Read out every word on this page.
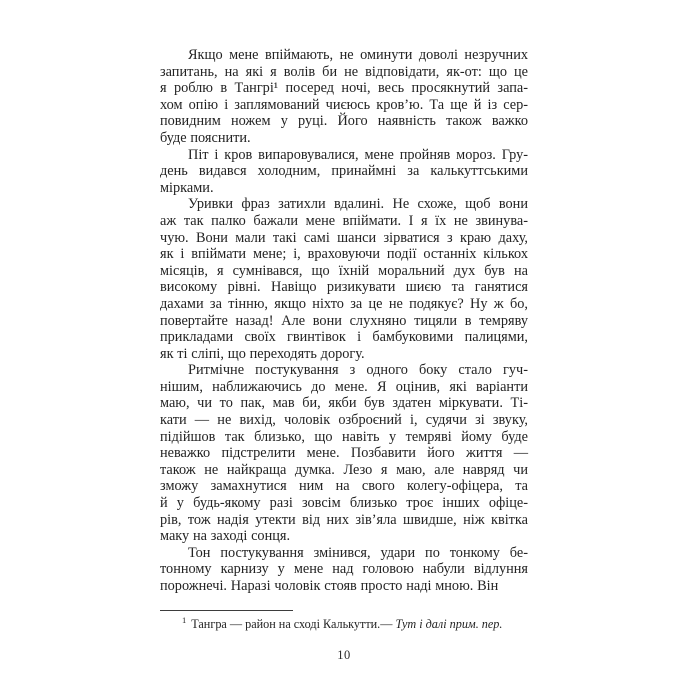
Якщо мене впіймають, не оминути доволі незручних
запитань, на які я волів би не відповідати, як-от: що це
я роблю в Тангрі¹ посеред ночі, весь просякнутий запа-
хом опію і заплямований чиєюсь кров’ю. Та ще й із сер-
повидним ножем у руці. Його наявність також важко
буде пояснити.
Піт і кров випаровувалися, мене пройняв мороз. Гру-
день видався холодним, принаймні за калькуттськими
мірками.
Уривки фраз затихли вдалині. Не схоже, щоб вони
аж так палко бажали мене впіймати. І я їх не звинува-
чую. Вони мали такі самі шанси зірватися з краю даху,
як і впіймати мене; і, враховуючи події останніх кількох
місяців, я сумнівався, що їхній моральний дух був на
високому рівні. Навіщо ризикувати шиєю та ганятися
дахами за тінню, якщо ніхто за це не подякує? Ну ж бо,
повертайте назад! Але вони слухняно тицяли в темряву
прикладами своїх гвинтівок і бамбуковими палицями,
як ті сліпі, що переходять дорогу.
Ритмічне постукування з одного боку стало гуч-
нішим, наближаючись до мене. Я оцінив, які варіанти
маю, чи то пак, мав би, якби був здатен міркувати. Ті-
кати — не вихід, чоловік озброєний і, судячи зі звуку,
підійшов так близько, що навіть у темряві йому буде
неважко підстрелити мене. Позбавити його життя —
також не найкраща думка. Лезо я маю, але навряд чи
зможу замахнутися ним на свого колегу-офіцера, та
й у будь-якому разі зовсім близько троє інших офіце-
рів, тож надія утекти від них зів’яла швидше, ніж квітка
маку на заході сонця.
Тон постукування змінився, удари по тонкому бе-
тонному карнизу у мене над головою набули відлуння
порожнечі. Наразі чоловік стояв просто наді мною. Він
$^1$ Тангра — район на сході Калькутти.— Тут і далі прим. пер.
10
